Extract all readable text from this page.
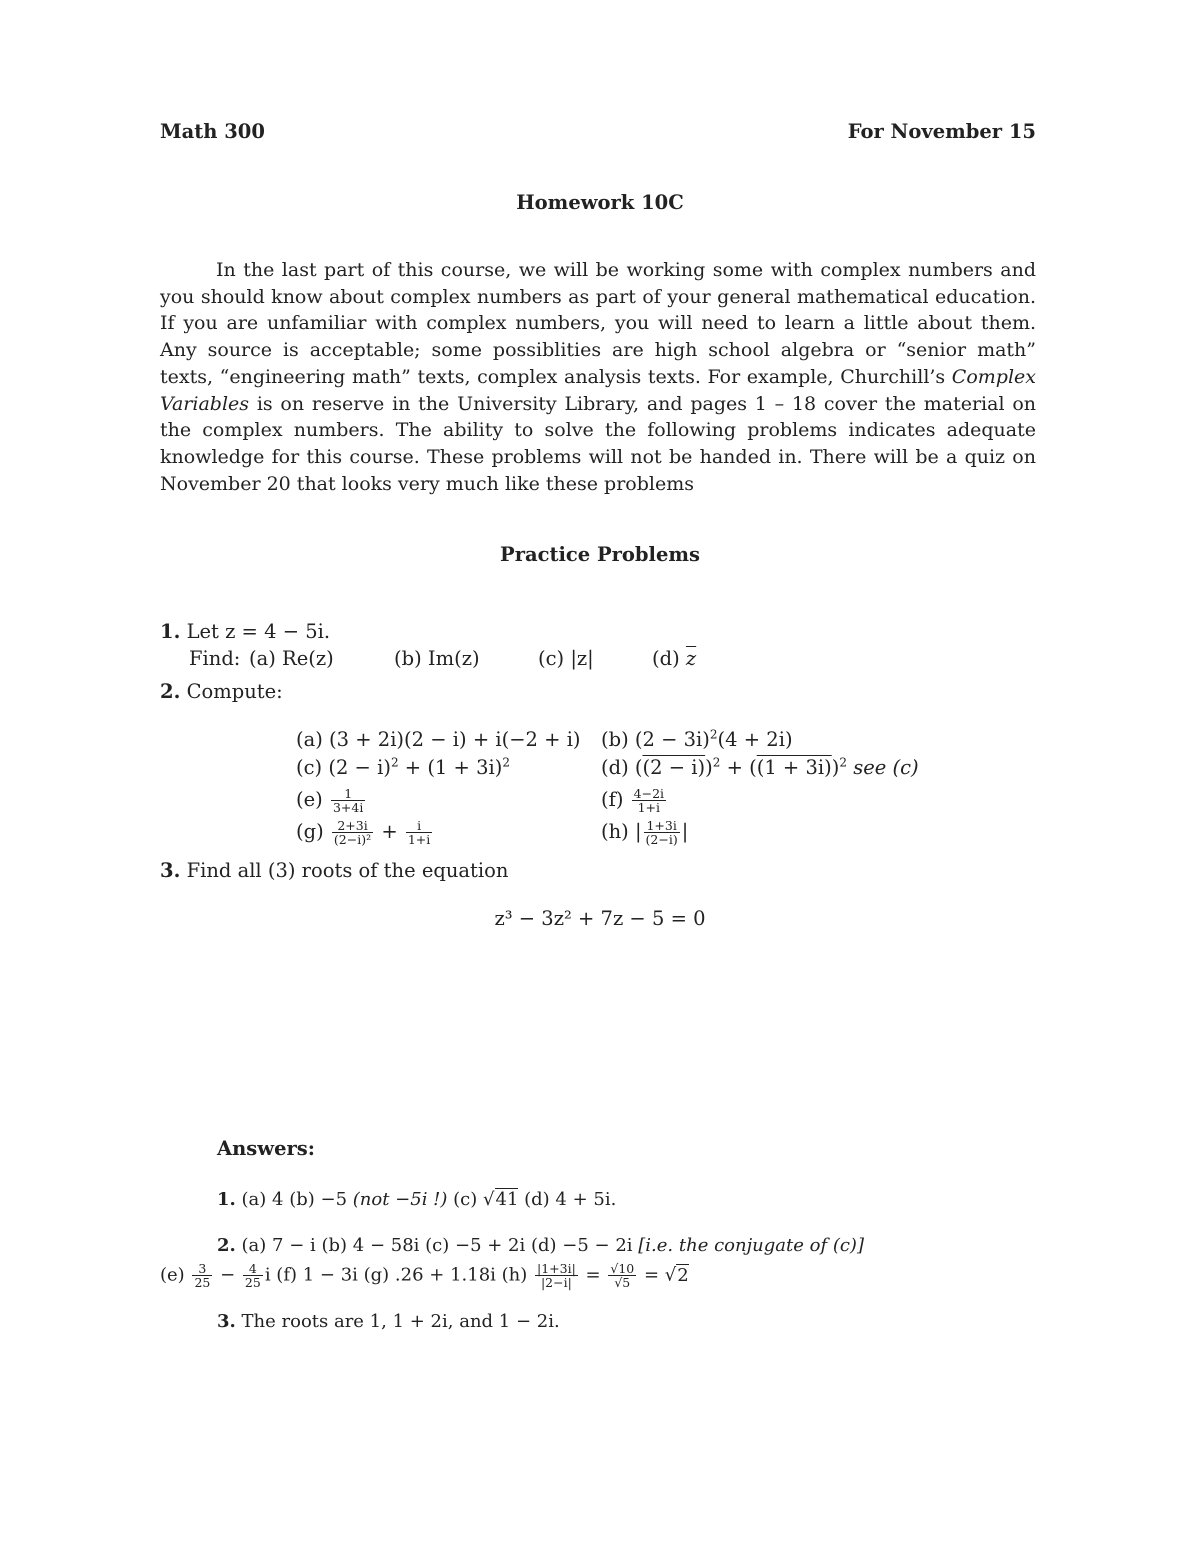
Math 300	For November 15
Homework 10C
In the last part of this course, we will be working some with complex numbers and you should know about complex numbers as part of your general mathematical education. If you are unfamiliar with complex numbers, you will need to learn a little about them. Any source is acceptable; some possiblities are high school algebra or “senior math” texts, “engineering math” texts, complex analysis texts. For example, Churchill’s Complex Variables is on reserve in the University Library, and pages 1 – 18 cover the material on the complex numbers. The ability to solve the following problems indicates adequate knowledge for this course. These problems will not be handed in. There will be a quiz on November 20 that looks very much like these problems
Practice Problems
1. Let z = 4 − 5i.
Find: (a) Re(z)	(b) Im(z)	(c) |z|	(d) $\overline{z}$
2. Compute:
(a) (3 + 2i)(2 − i) + i(−2 + i) (b) $(2 - 3i)^2(4 + 2i)$
(c) $(2 - i)^2 + (1 + 3i)^2$	(d) $((2 - i))^2 + ((1 + 3i))^2$ see (c)
$(e) \frac{1}{3+4i}$	$(f) \frac{4-2i}{1+i}$
$(g) \frac{2+3i}{\text{(2−i)²}} + \frac{i}{1+i}$	(h) | $\frac{1+3i}{(2-i)}$ |
3. Find all (3) roots of the equation
z³ − 3z² + 7z − 5 = 0
Answers:
1. (a) 4 (b) −5 (not −5i !) (c) √41 (d) 4 + 5i.
2. (a) 7 − i (b) 4 − 58i (c) −5 + 2i (d) −5 − 2i [i.e. the conjugate of (c)]
$(e) \frac{3}{25} - \frac{4}{25}$ i (f) 1 − 3i (g) .26 + 1.18i $(h) \frac{|1+3i|}{|2-i|} = \frac{√10}{√5} = √2$
3. The roots are 1, 1 + 2i, and 1 − 2i.
